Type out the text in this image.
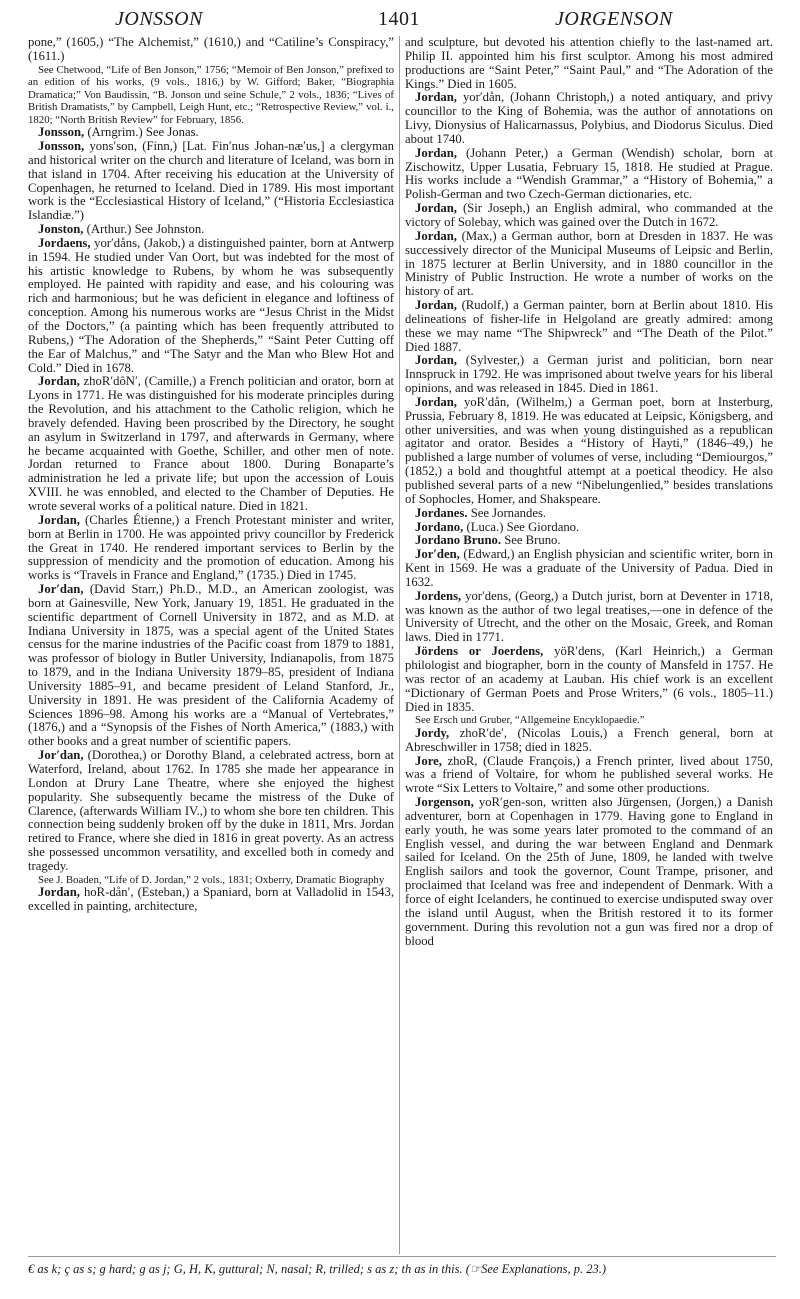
JONSSON	1401	JORGENSON

pone,” (1605,) “The Alchemist,” (1610,) and “Catiline’s Conspiracy,” (1611.)

See Chetwood, “Life of Ben Jonson,” 1756; “Memoir of Ben Jonson,” prefixed to an edition of his works, (9 vols., 1816,) by W. Gifford; Baker, “Biographia Dramatica;” Von Baudissin, “B. Jonson und seine Schule,” 2 vols., 1836; “Lives of British Dramatists,” by Campbell, Leigh Hunt, etc.; “Retrospective Review,” vol. i., 1820; “North British Review” for February, 1856.

Jonsson, (Arngrim.) See Jonas.

Jonsson, yons′son, (Finn,) [Lat. Fin′nus Johan-næ′us,] a clergyman and historical writer on the church and literature of Iceland, was born in that island in 1704. After receiving his education at the University of Copenhagen, he returned to Iceland. Died in 1789. His most important work is the “Ecclesiastical History of Iceland,” (“Historia Ecclesiastica Islandiæ.”)

Jonston, (Arthur.) See Johnston.

Jordaens, yor′dåns, (Jakob,) a distinguished painter, born at Antwerp in 1594. He studied under Van Oort, but was indebted for the most of his artistic knowledge to Rubens, by whom he was subsequently employed. He painted with rapidity and ease, and his colouring was rich and harmonious; but he was deficient in elegance and loftiness of conception. Among his numerous works are “Jesus Christ in the Midst of the Doctors,” (a painting which has been frequently attributed to Rubens,) “The Adoration of the Shepherds,” “Saint Peter Cutting off the Ear of Malchus,” and “The Satyr and the Man who Blew Hot and Cold.” Died in 1678.

Jordan, zhoR′dôN′, (Camille,) a French politician and orator, born at Lyons in 1771. He was distinguished for his moderate principles during the Revolution, and his attachment to the Catholic religion, which he bravely defended. Having been proscribed by the Directory, he sought an asylum in Switzerland in 1797, and afterwards in Germany, where he became acquainted with Goethe, Schiller, and other men of note. Jordan returned to France about 1800. During Bonaparte’s administration he led a private life; but upon the accession of Louis XVIII. he was ennobled, and elected to the Chamber of Deputies. He wrote several works of a political nature. Died in 1821.

Jordan, (Charles Étienne,) a French Protestant minister and writer, born at Berlin in 1700. He was appointed privy councillor by Frederick the Great in 1740. He rendered important services to Berlin by the suppression of mendicity and the promotion of education. Among his works is “Travels in France and England,” (1735.) Died in 1745.

Jor′dan, (David Starr,) Ph.D., M.D., an American zoologist, was born at Gainesville, New York, January 19, 1851. He graduated in the scientific department of Cornell University in 1872, and as M.D. at Indiana University in 1875, was a special agent of the United States census for the marine industries of the Pacific coast from 1879 to 1881, was professor of biology in Butler University, Indianapolis, from 1875 to 1879, and in the Indiana University 1879–85, president of Indiana University 1885–91, and became president of Leland Stanford, Jr., University in 1891. He was president of the California Academy of Sciences 1896–98. Among his works are a “Manual of Vertebrates,” (1876,) and a “Synopsis of the Fishes of North America,” (1883,) with other books and a great number of scientific papers.

Jor′dan, (Dorothea,) or Dorothy Bland, a celebrated actress, born at Waterford, Ireland, about 1762. In 1785 she made her appearance in London at Drury Lane Theatre, where she enjoyed the highest popularity. She subsequently became the mistress of the Duke of Clarence, (afterwards William IV.,) to whom she bore ten children. This connection being suddenly broken off by the duke in 1811, Mrs. Jordan retired to France, where she died in 1816 in great poverty. As an actress she possessed uncommon versatility, and excelled both in comedy and tragedy.

See J. Boaden, “Life of D. Jordan,” 2 vols., 1831; Oxberry, Dramatic Biography

Jordan, hoR-dån′, (Esteban,) a Spaniard, born at Valladolid in 1543, excelled in painting, architecture,

and sculpture, but devoted his attention chiefly to the last-named art. Philip II. appointed him his first sculptor. Among his most admired productions are “Saint Peter,” “Saint Paul,” and “The Adoration of the Kings.” Died in 1605.

Jordan, yor′dån, (Johann Christoph,) a noted antiquary, and privy councillor to the King of Bohemia, was the author of annotations on Livy, Dionysius of Halicarnassus, Polybius, and Diodorus Siculus. Died about 1740.

Jordan, (Johann Peter,) a German (Wendish) scholar, born at Zischowitz, Upper Lusatia, February 15, 1818. He studied at Prague. His works include a “Wendish Grammar,” a “History of Bohemia,” a Polish-German and two Czech-German dictionaries, etc.

Jordan, (Sir Joseph,) an English admiral, who commanded at the victory of Solebay, which was gained over the Dutch in 1672.

Jordan, (Max,) a German author, born at Dresden in 1837. He was successively director of the Municipal Museums of Leipsic and Berlin, in 1875 lecturer at Berlin University, and in 1880 councillor in the Ministry of Public Instruction. He wrote a number of works on the history of art.

Jordan, (Rudolf,) a German painter, born at Berlin about 1810. His delineations of fisher-life in Helgoland are greatly admired: among these we may name “The Shipwreck” and “The Death of the Pilot.” Died 1887.

Jordan, (Sylvester,) a German jurist and politician, born near Innspruck in 1792. He was imprisoned about twelve years for his liberal opinions, and was released in 1845. Died in 1861.

Jordan, yoR′dån, (Wilhelm,) a German poet, born at Insterburg, Prussia, February 8, 1819. He was educated at Leipsic, Königsberg, and other universities, and was when young distinguished as a republican agitator and orator. Besides a “History of Hayti,” (1846–49,) he published a large number of volumes of verse, including “Demiourgos,” (1852,) a bold and thoughtful attempt at a poetical theodicy. He also published several parts of a new “Nibelungenlied,” besides translations of Sophocles, Homer, and Shakspeare.

Jordanes. See Jornandes.

Jordano, (Luca.) See Giordano.

Jordano Bruno. See Bruno.

Jor′den, (Edward,) an English physician and scientific writer, born in Kent in 1569. He was a graduate of the University of Padua. Died in 1632.

Jordens, yor′dens, (Georg,) a Dutch jurist, born at Deventer in 1718, was known as the author of two legal treatises,—one in defence of the University of Utrecht, and the other on the Mosaic, Greek, and Roman laws. Died in 1771.

Jördens or Joerdens, yöR′dens, (Karl Heinrich,) a German philologist and biographer, born in the county of Mansfeld in 1757. He was rector of an academy at Lauban. His chief work is an excellent “Dictionary of German Poets and Prose Writers,” (6 vols., 1805–11.) Died in 1835.

See Ersch und Gruber, “Allgemeine Encyklopaedie.”

Jordy, zhoR′de′, (Nicolas Louis,) a French general, born at Abreschwiller in 1758; died in 1825.

Jore, zhoR, (Claude François,) a French printer, lived about 1750, was a friend of Voltaire, for whom he published several works. He wrote “Six Letters to Voltaire,” and some other productions.

Jorgenson, yoR′gen-son, written also Jürgensen, (Jorgen,) a Danish adventurer, born at Copenhagen in 1779. Having gone to England in early youth, he was some years later promoted to the command of an English vessel, and during the war between England and Denmark sailed for Iceland. On the 25th of June, 1809, he landed with twelve English sailors and took the governor, Count Trampe, prisoner, and proclaimed that Iceland was free and independent of Denmark. With a force of eight Icelanders, he continued to exercise undisputed sway over the island until August, when the British restored it to its former government. During this revolution not a gun was fired nor a drop of blood

€ as k; ç as s; g hard; g as j; G, H, K, guttural; N, nasal; R, trilled; s as z; th as in this. (☞See Explanations, p. 23.)
